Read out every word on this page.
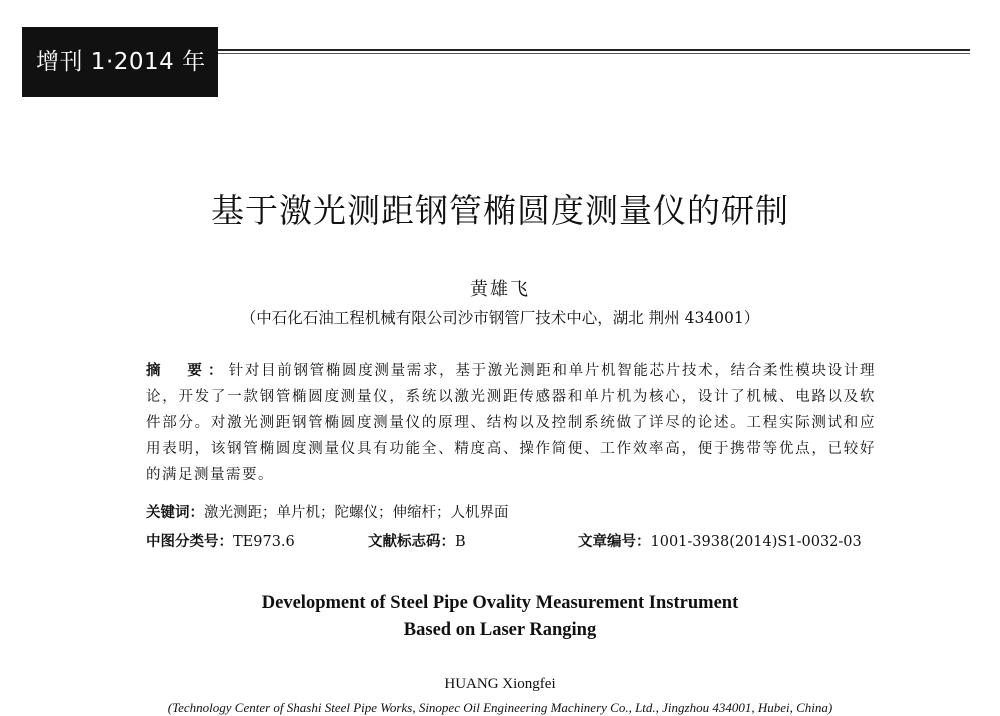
增刊 1·2014 年
基于激光测距钢管椭圆度测量仪的研制
黄雄飞
（中石化石油工程机械有限公司沙市钢管厂技术中心，湖北 荆州 434001）
摘　要：针对目前钢管椭圆度测量需求，基于激光测距和单片机智能芯片技术，结合柔性模块设计理论，开发了一款钢管椭圆度测量仪，系统以激光测距传感器和单片机为核心，设计了机械、电路以及软件部分。对激光测距钢管椭圆度测量仪的原理、结构以及控制系统做了详尽的论述。工程实际测试和应用表明，该钢管椭圆度测量仪具有功能全、精度高、操作简便、工作效率高，便于携带等优点，已较好的满足测量需要。
关键词：激光测距；单片机；陀螺仪；伸缩杆；人机界面
中图分类号：TE973.6	文献标志码：B	文章编号：1001-3938(2014)S1-0032-03
Development of Steel Pipe Ovality Measurement Instrument
Based on Laser Ranging
HUANG Xiongfei
(Technology Center of Shashi Steel Pipe Works, Sinopec Oil Engineering Machinery Co., Ltd., Jingzhou 434001, Hubei, China)
